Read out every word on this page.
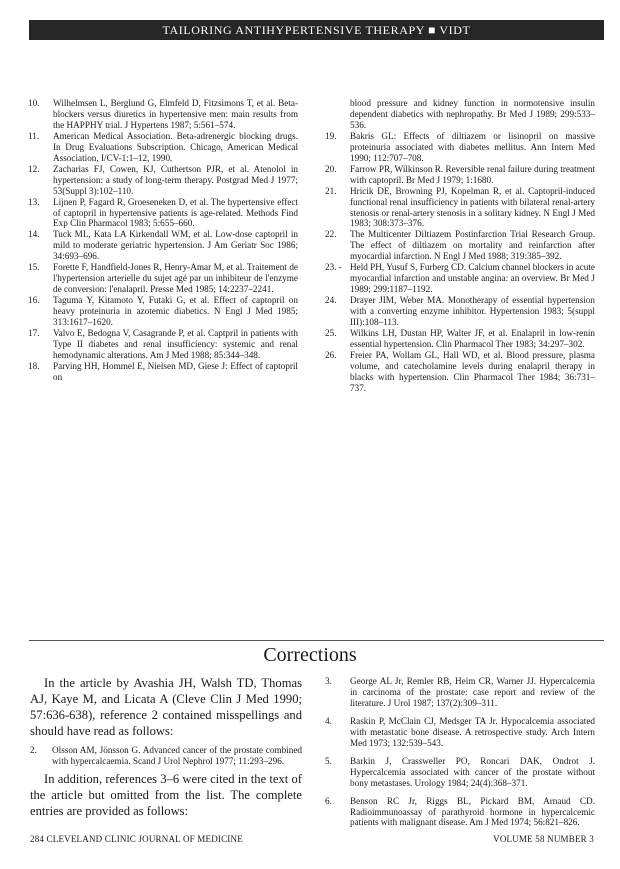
TAILORING ANTIHYPERTENSIVE THERAPY ■ VIDT
10.	Wilhelmsen L, Berglund G, Elmfeld D, Fitzsimons T, et al. Beta-blockers versus diuretics in hypertensive men: main results from the HAPPHY trial. J Hypertens 1987; 5:561–574.
11.	American Medical Association. Beta-adrenergic blocking drugs. In Drug Evaluations Subscription. Chicago, American Medical Association, I/CV-1:1–12, 1990.
12.	Zacharias FJ, Cowen, KJ, Cuthertson PJR, et al. Atenolol in hypertension: a study of long-term therapy. Postgrad Med J 1977; 53(Suppl 3):102–110.
13.	Lijnen P, Fagard R, Groeseneken D, et al. The hypertensive effect of captopril in hypertensive patients is age-related. Methods Find Exp Clin Pharmacol 1983; 5:655–660.
14.	Tuck ML, Kata LA Kirkendall WM, et al. Low-dose captopril in mild to moderate geriatric hypertension. J Am Geriatr Soc 1986; 34:693–696.
15.	Forette F, Handfield-Jones R, Henry-Amar M, et al. Traitement de l'hypertension arterielle du sujet agé par un inhibiteur de l'enzyme de conversion: l'enalapril. Presse Med 1985; 14:2237–2241.
16.	Taguma Y, Kitamoto Y, Futaki G, et al. Effect of captopril on heavy proteinuria in azotemic diabetics. N Engl J Med 1985; 313:1617–1620.
17.	Valvo E, Bedogna V, Casagrande P, et al. Captpril in patients with Type II diabetes and renal insufficiency: systemic and renal hemodynamic alterations. Am J Med 1988; 85:344–348.
18.	Parving HH, Hommel E, Nielsen MD, Giese J: Effect of captopril on
blood pressure and kidney function in normotensive insulin dependent diabetics with nephropathy. Br Med J 1989; 299:533–536.
19.	Bakris GL: Effects of diltiazem or lisinopril on massive proteinuria associated with diabetes mellitus. Ann Intern Med 1990; 112:707–708.
20.	Farrow PR, Wilkinson R. Reversible renal failure during treatment with captopril. Br Med J 1979; 1:1680.
21.	Hricik DE, Browning PJ, Kopelman R, et al. Captopril-induced functional renal insufficiency in patients with bilateral renal-artery stenosis or renal-artery stenosis in a solitary kidney. N Engl J Med 1983; 308:373–376.
22.	The Multicenter Diltiazem Postinfarction Trial Research Group. The effect of diltiazem on mortality and reinfarction after myocardial infarction. N Engl J Med 1988; 319:385–392.
23. - Held PH, Yusuf S, Furberg CD. Calcium channel blockers in acute myocardial infarction and unstable angina: an overview. Br Med J 1989; 299:1187–1192.
24.	Drayer JIM, Weber MA. Monotherapy of essential hypertension with a converting enzyme inhibitor. Hypertension 1983; 5(suppl III):108–113.
25.	Wilkins LH, Dustan HP, Walter JF, et al. Enalapril in low-renin essential hypertension. Clin Pharmacol Ther 1983; 34:297–302.
26.	Freier PA, Wollam GL, Hall WD, et al. Blood pressure, plasma volume, and catecholamine levels during enalapril therapy in blacks with hypertension. Clin Pharmacol Ther 1984; 36:731–737.
Corrections

In the article by Avashia JH, Walsh TD, Thomas AJ, Kaye M, and Licata A (Cleve Clin J Med 1990; 57:636-638), reference 2 contained misspellings and should have read as follows:

2.	Olsson AM, Jönsson G. Advanced cancer of the prostate combined with hypercalcaemia. Scand J Urol Nephrol 1977; 11:293–296.

In addition, references 3–6 were cited in the text of the article but omitted from the list. The complete entries are provided as follows:

3.	George AL Jr, Remler RB, Heim CR, Warner JJ. Hypercalcemia in carcinoma of the prostate: case report and review of the literature. J Urol 1987; 137(2):309–311.
4.	Raskin P, McClain CJ, Medsger TA Jr. Hypocalcemia associated with metastatic bone disease. A retrospective study. Arch Intern Med 1973; 132:539–543.
5.	Barkin J, Crassweller PO, Roncari DAK, Ondrot J. Hypercalcemia associated with cancer of the prostate without bony metastases. Urology 1984; 24(4):368–371.
6.	Benson RC Jr, Riggs BL, Pickard BM, Arnaud CD. Radioimmunoassay of parathyroid hormone in hypercalcemic patients with malignant disease. Am J Med 1974; 56:821–826.
284 CLEVELAND CLINIC JOURNAL OF MEDICINE	VOLUME 58 NUMBER 3
